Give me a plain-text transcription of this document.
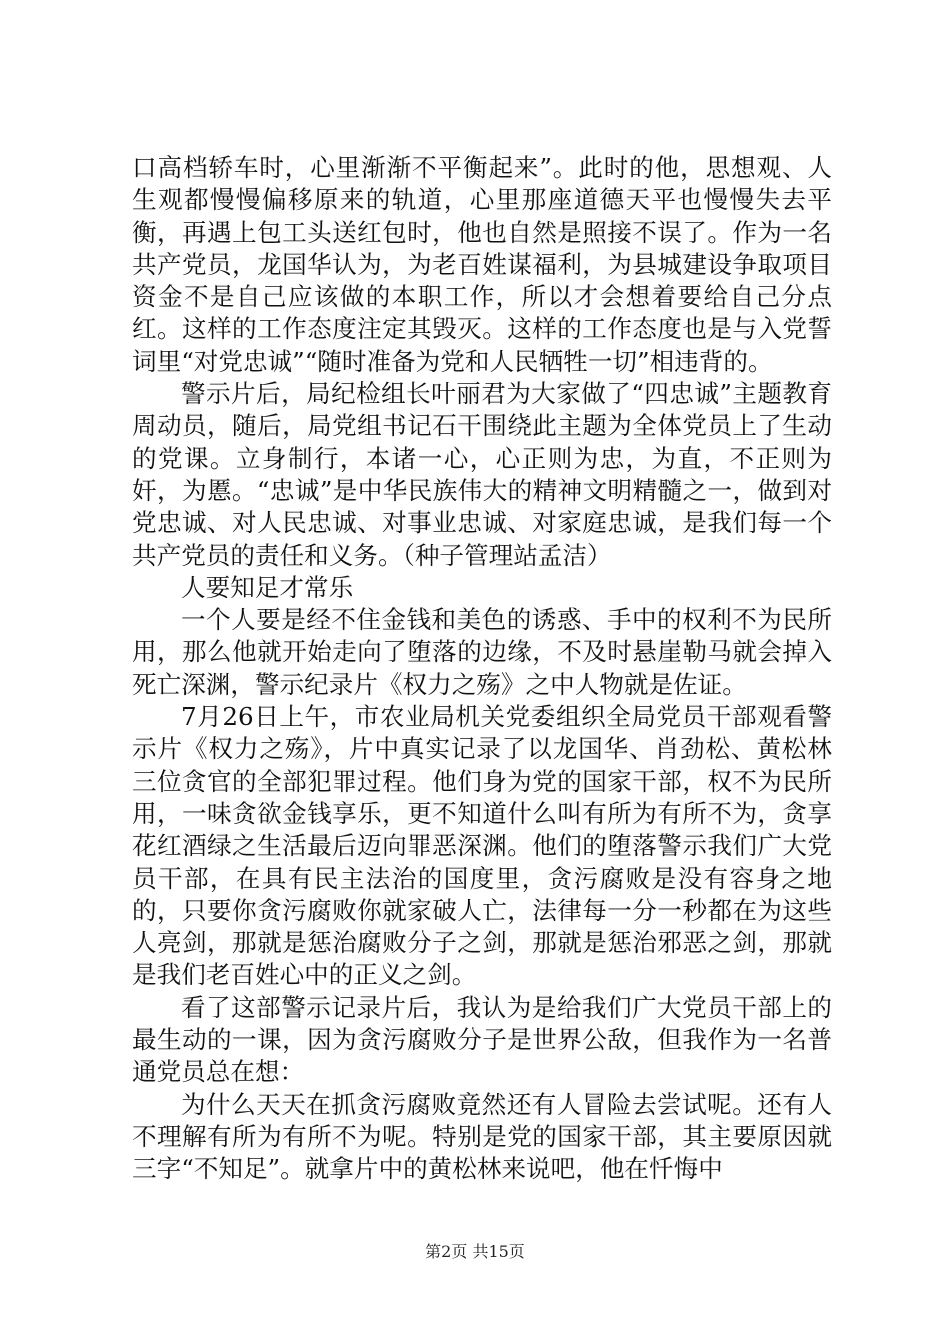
口高档轿车时，心里渐渐不平衡起来”。此时的他，思想观、人生观都慢慢偏移原来的轨道，心里那座道德天平也慢慢失去平衡，再遇上包工头送红包时，他也自然是照接不误了。作为一名共产党员，龙国华认为，为老百姓谋福利，为县城建设争取项目资金不是自己应该做的本职工作，所以才会想着要给自己分点红。这样的工作态度注定其毁灭。这样的工作态度也是与入党誓词里“对党忠诚”“随时准备为党和人民牺牲一切”相违背的。

警示片后，局纪检组长叶丽君为大家做了“四忠诚”主题教育周动员，随后，局党组书记石干围绕此主题为全体党员上了生动的党课。立身制行，本诸一心，心正则为忠，为直，不正则为奸，为慝。“忠诚”是中华民族伟大的精神文明精髓之一，做到对党忠诚、对人民忠诚、对事业忠诚、对家庭忠诚，是我们每一个共产党员的责任和义务。（种子管理站孟洁）

人要知足才常乐

一个人要是经不住金钱和美色的诱惑、手中的权利不为民所用，那么他就开始走向了堕落的边缘，不及时悬崖勒马就会掉入死亡深渊，警示纪录片《权力之殇》之中人物就是佐证。

7月26日上午，市农业局机关党委组织全局党员干部观看警示片《权力之殇》，片中真实记录了以龙国华、肖劲松、黄松林三位贪官的全部犯罪过程。他们身为党的国家干部，权不为民所用，一味贪欲金钱享乐，更不知道什么叫有所为有所不为，贪享花红酒绿之生活最后迈向罪恶深渊。他们的堕落警示我们广大党员干部，在具有民主法治的国度里，贪污腐败是没有容身之地的，只要你贪污腐败你就家破人亡，法律每一分一秒都在为这些人亮剑，那就是惩治腐败分子之剑，那就是惩治邪恶之剑，那就是我们老百姓心中的正义之剑。

看了这部警示记录片后，我认为是给我们广大党员干部上的最生动的一课，因为贪污腐败分子是世界公敌，但我作为一名普通党员总在想：

为什么天天在抓贪污腐败竟然还有人冒险去尝试呢。还有人不理解有所为有所不为呢。特别是党的国家干部，其主要原因就三字“不知足”。就拿片中的黄松林来说吧，他在忏悔中

第2页 共15页
